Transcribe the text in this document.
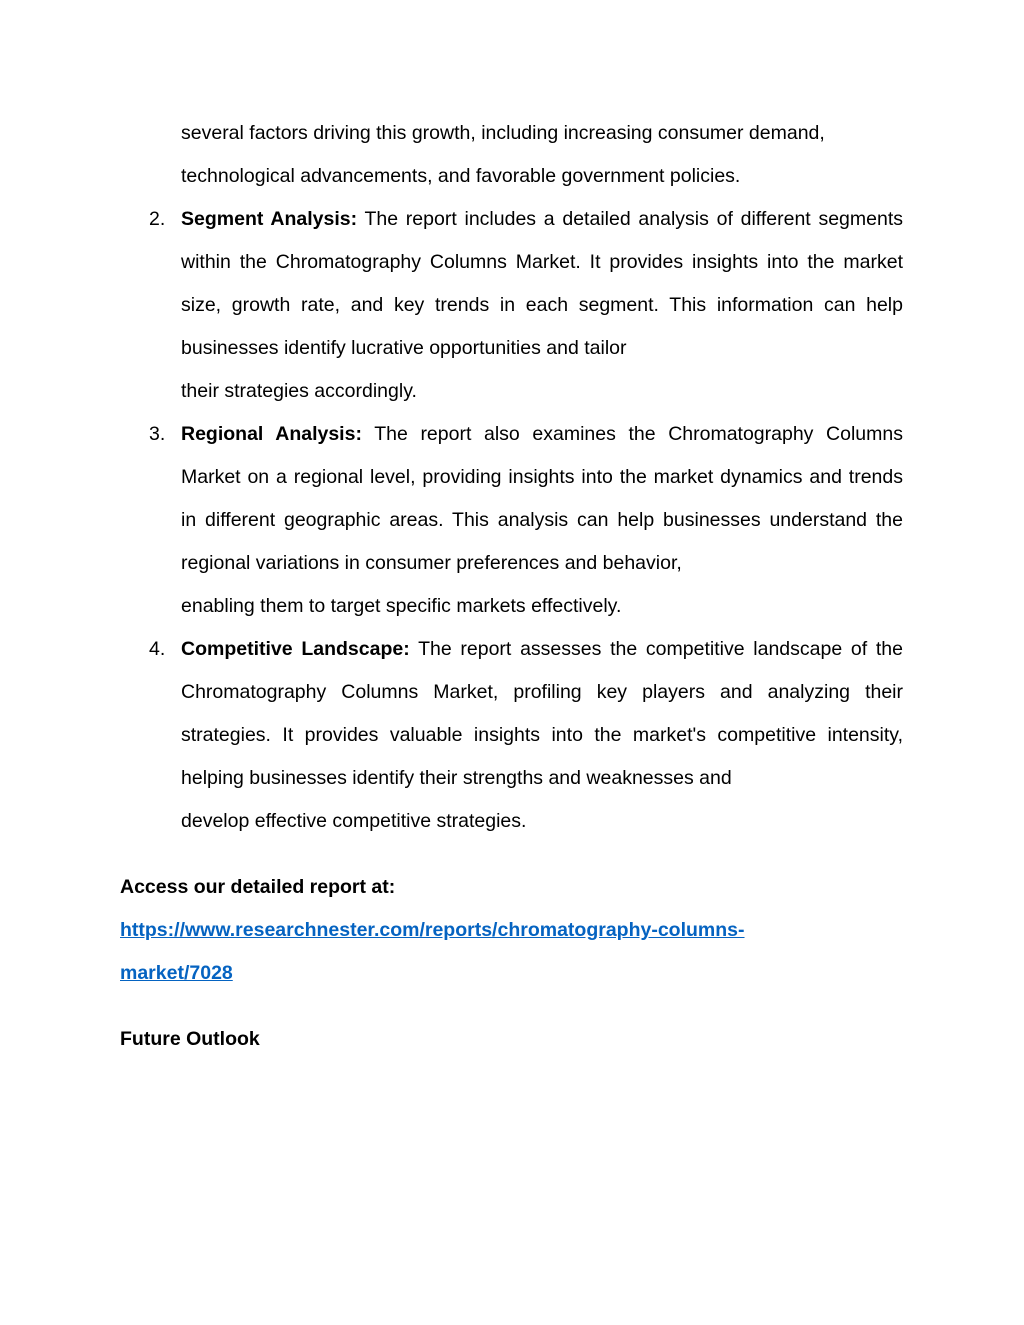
several factors driving this growth, including increasing consumer demand,
technological advancements, and favorable government policies.
2. Segment Analysis: The report includes a detailed analysis of different segments within the Chromatography Columns Market. It provides insights into the market size, growth rate, and key trends in each segment. This information can help businesses identify lucrative opportunities and tailor

their strategies accordingly.

3. Regional Analysis: The report also examines the Chromatography Columns Market on a regional level, providing insights into the market dynamics and trends in different geographic areas. This analysis can help businesses understand the regional variations in consumer preferences and behavior,

enabling them to target specific markets effectively.

4. Competitive Landscape: The report assesses the competitive landscape of the Chromatography Columns Market, profiling key players and analyzing their strategies. It provides valuable insights into the market's competitive intensity, helping businesses identify their strengths and weaknesses and

develop effective competitive strategies.

Access our detailed report at:
https://www.researchnester.com/reports/chromatography-columns-
market/7028
Future Outlook
